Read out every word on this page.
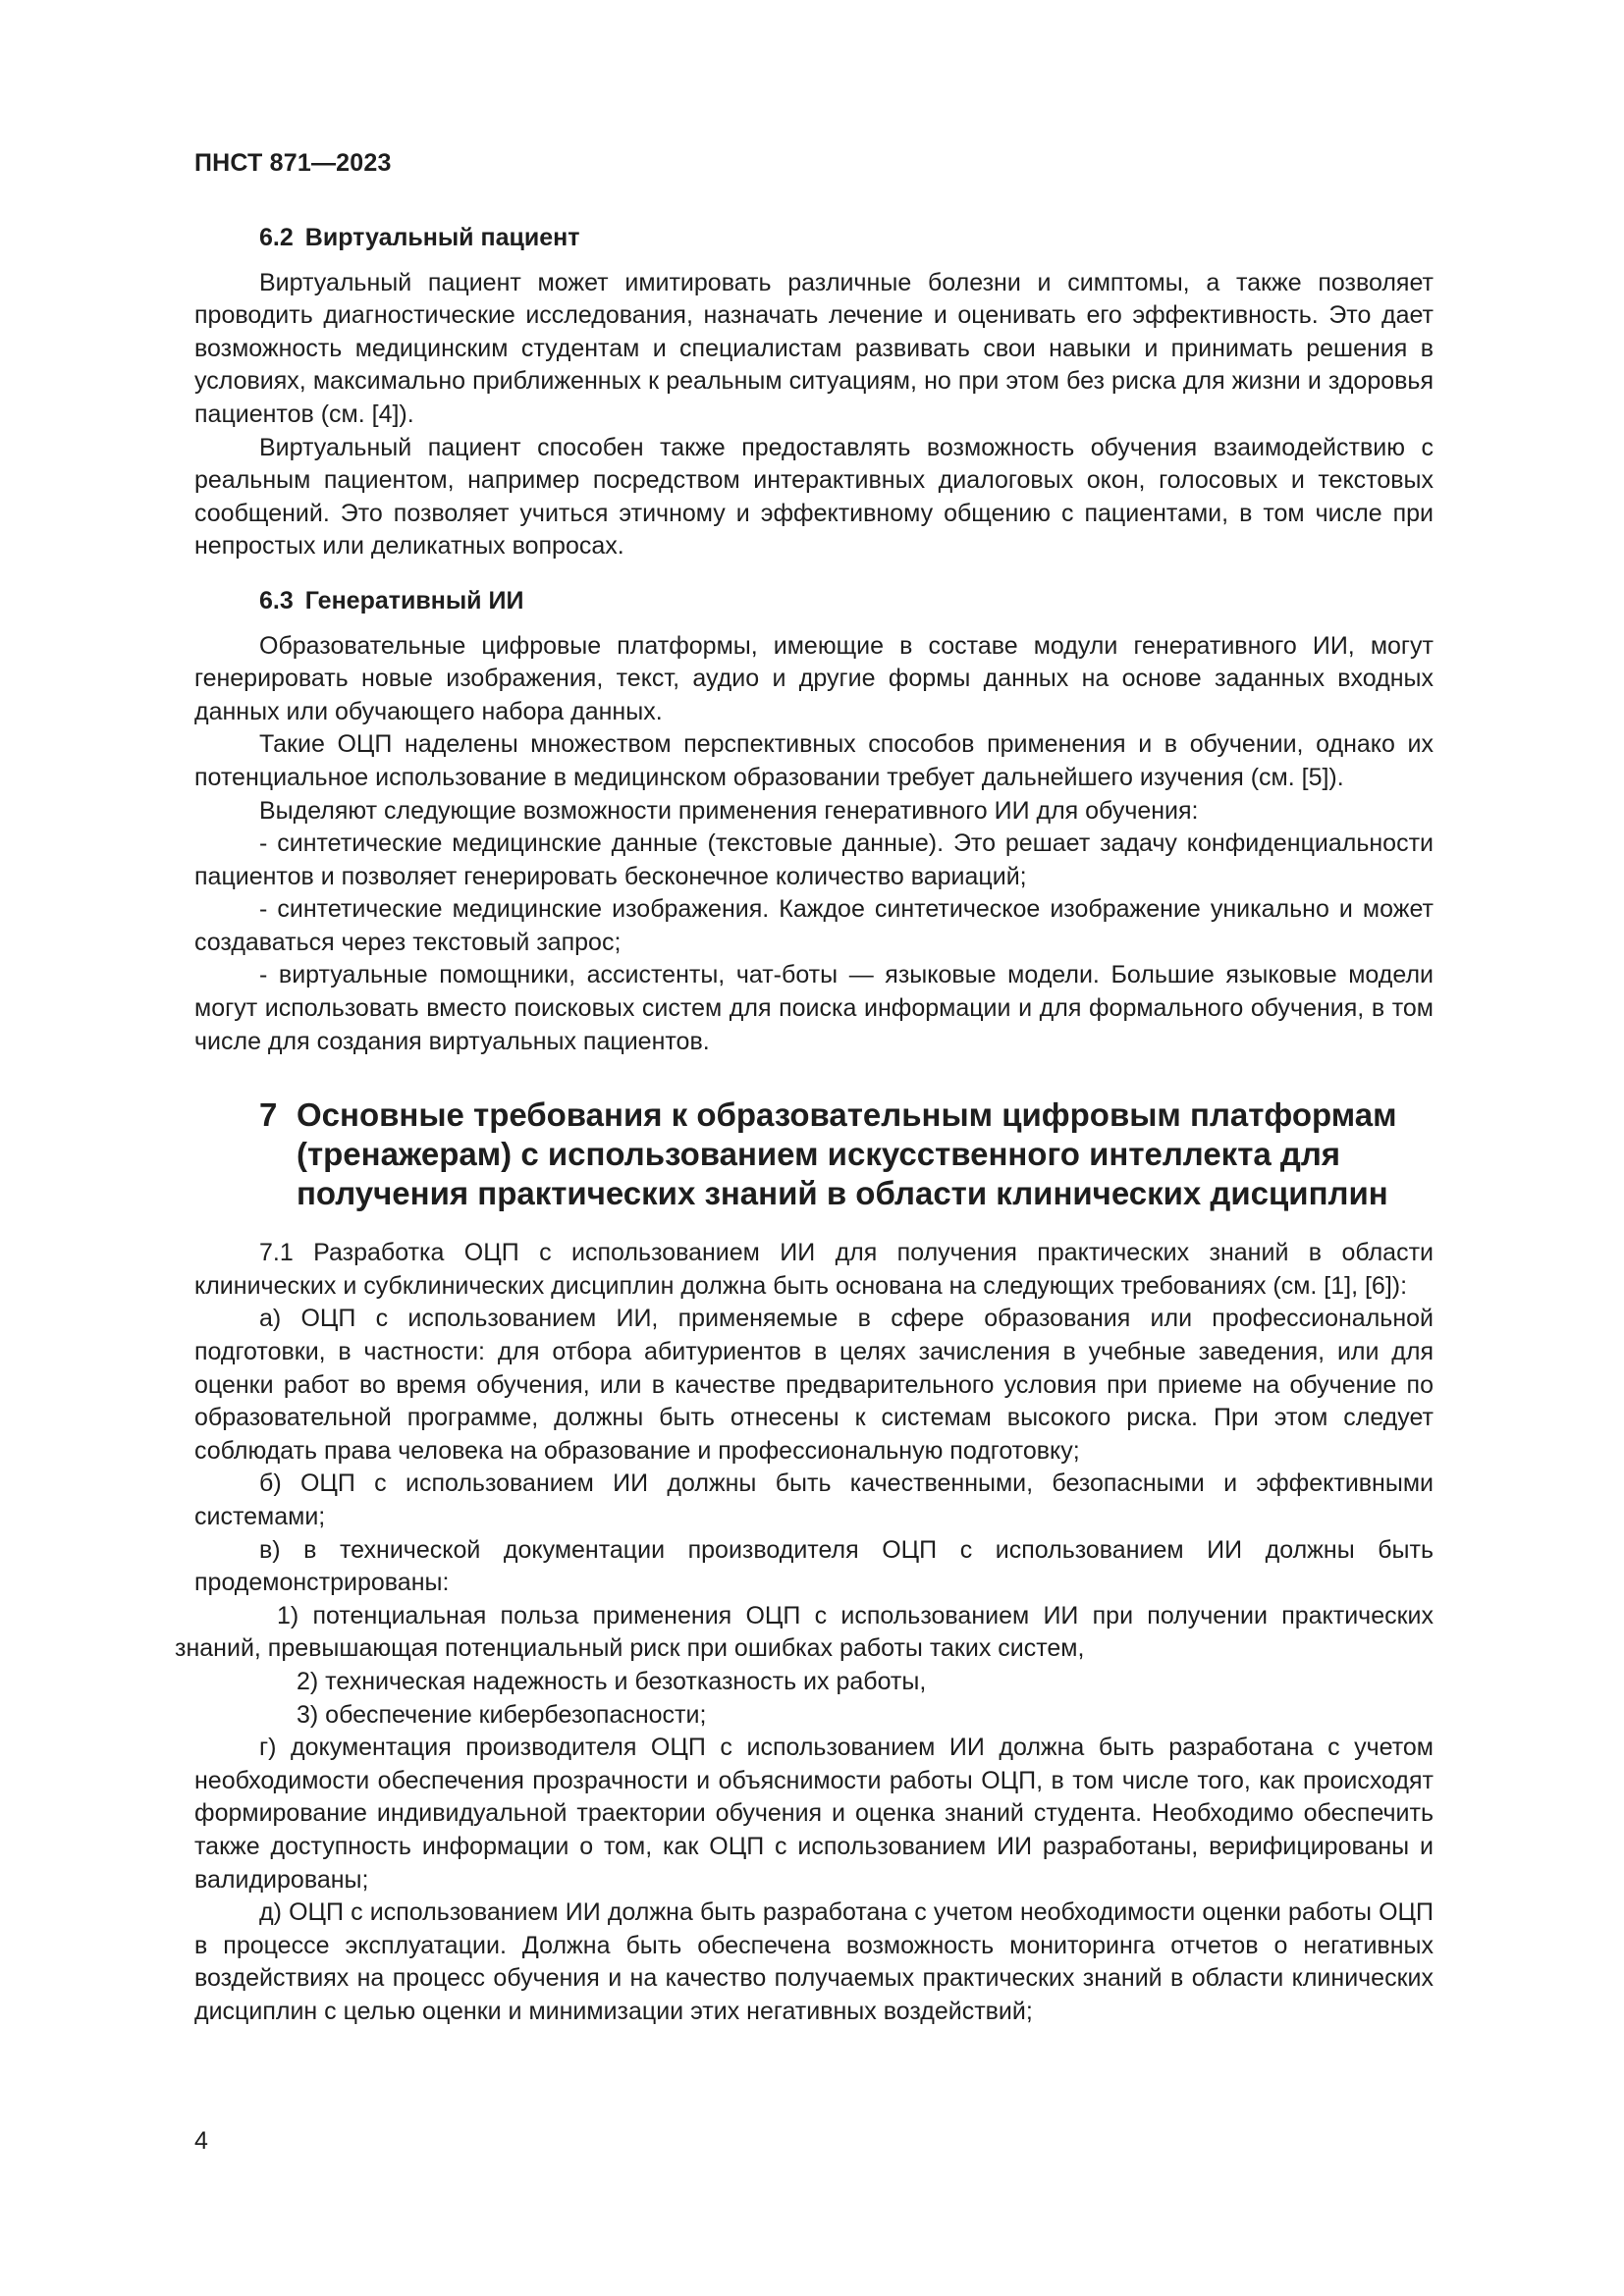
ПНСТ 871—2023
6.2 Виртуальный пациент

Виртуальный пациент может имитировать различные болезни и симптомы, а также позволяет проводить диагностические исследования, назначать лечение и оценивать его эффективность. Это дает возможность медицинским студентам и специалистам развивать свои навыки и принимать решения в условиях, максимально приближенных к реальным ситуациям, но при этом без риска для жизни и здоровья пациентов (см. [4]).

Виртуальный пациент способен также предоставлять возможность обучения взаимодействию с реальным пациентом, например посредством интерактивных диалоговых окон, голосовых и текстовых сообщений. Это позволяет учиться этичному и эффективному общению с пациентами, в том числе при непростых или деликатных вопросах.

6.3 Генеративный ИИ

Образовательные цифровые платформы, имеющие в составе модули генеративного ИИ, могут генерировать новые изображения, текст, аудио и другие формы данных на основе заданных входных данных или обучающего набора данных.

Такие ОЦП наделены множеством перспективных способов применения и в обучении, однако их потенциальное использование в медицинском образовании требует дальнейшего изучения (см. [5]).

Выделяют следующие возможности применения генеративного ИИ для обучения:

- синтетические медицинские данные (текстовые данные). Это решает задачу конфиденциальности пациентов и позволяет генерировать бесконечное количество вариаций;

- синтетические медицинские изображения. Каждое синтетическое изображение уникально и может создаваться через текстовый запрос;

- виртуальные помощники, ассистенты, чат-боты — языковые модели. Большие языковые модели могут использовать вместо поисковых систем для поиска информации и для формального обучения, в том числе для создания виртуальных пациентов.

7 Основные требования к образовательным цифровым платформам (тренажерам) с использованием искусственного интеллекта для получения практических знаний в области клинических дисциплин

7.1 Разработка ОЦП с использованием ИИ для получения практических знаний в области клинических и субклинических дисциплин должна быть основана на следующих требованиях (см. [1], [6]):

а) ОЦП с использованием ИИ, применяемые в сфере образования или профессиональной подготовки, в частности: для отбора абитуриентов в целях зачисления в учебные заведения, или для оценки работ во время обучения, или в качестве предварительного условия при приеме на обучение по образовательной программе, должны быть отнесены к системам высокого риска. При этом следует соблюдать права человека на образование и профессиональную подготовку;

б) ОЦП с использованием ИИ должны быть качественными, безопасными и эффективными системами;

в) в технической документации производителя ОЦП с использованием ИИ должны быть продемонстрированы:

1) потенциальная польза применения ОЦП с использованием ИИ при получении практических знаний, превышающая потенциальный риск при ошибках работы таких систем,

2) техническая надежность и безотказность их работы,

3) обеспечение кибербезопасности;

г) документация производителя ОЦП с использованием ИИ должна быть разработана с учетом необходимости обеспечения прозрачности и объяснимости работы ОЦП, в том числе того, как происходят формирование индивидуальной траектории обучения и оценка знаний студента. Необходимо обеспечить также доступность информации о том, как ОЦП с использованием ИИ разработаны, верифицированы и валидированы;

д) ОЦП с использованием ИИ должна быть разработана с учетом необходимости оценки работы ОЦП в процессе эксплуатации. Должна быть обеспечена возможность мониторинга отчетов о негативных воздействиях на процесс обучения и на качество получаемых практических знаний в области клинических дисциплин с целью оценки и минимизации этих негативных воздействий;

4
